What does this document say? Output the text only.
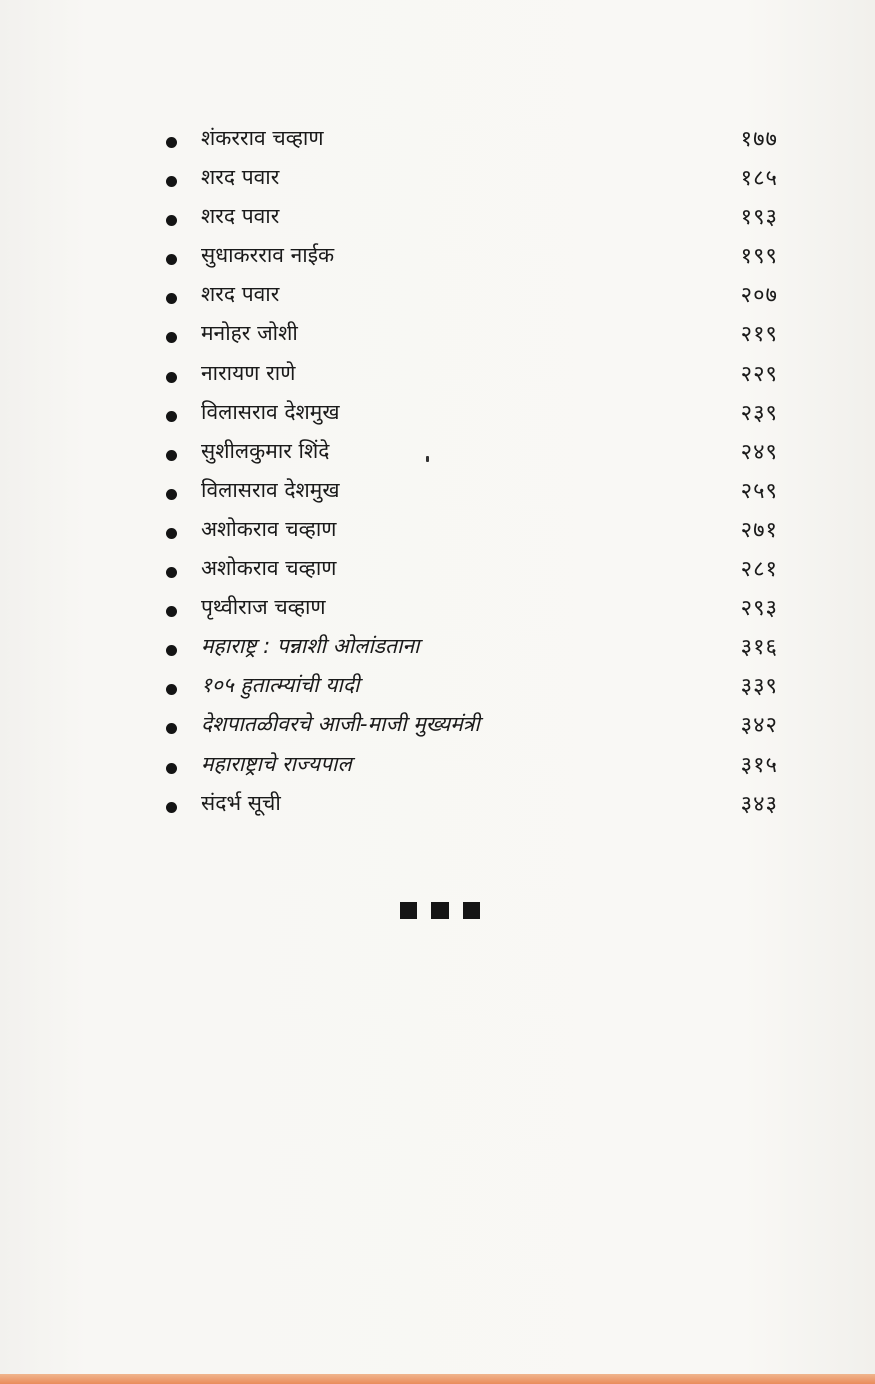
शंकरराव चव्हाण	१७७
शरद पवार	१८५
शरद पवार	१९३
सुधाकरराव नाईक	१९९
शरद पवार	२०७
मनोहर जोशी	२१९
नारायण राणे	२२९
विलासराव देशमुख	२३९
सुशीलकुमार शिंदे	२४९
विलासराव देशमुख	२५९
अशोकराव चव्हाण	२७१
अशोकराव चव्हाण	२८१
पृथ्वीराज चव्हाण	२९३
महाराष्ट्र : पन्नाशी ओलांडताना	३१६
१०५ हुतात्म्यांची यादी	३३९
देशपातळीवरचे आजी-माजी मुख्यमंत्री	३४२
महाराष्ट्राचे राज्यपाल	३१५
संदर्भ सूची	३४३
